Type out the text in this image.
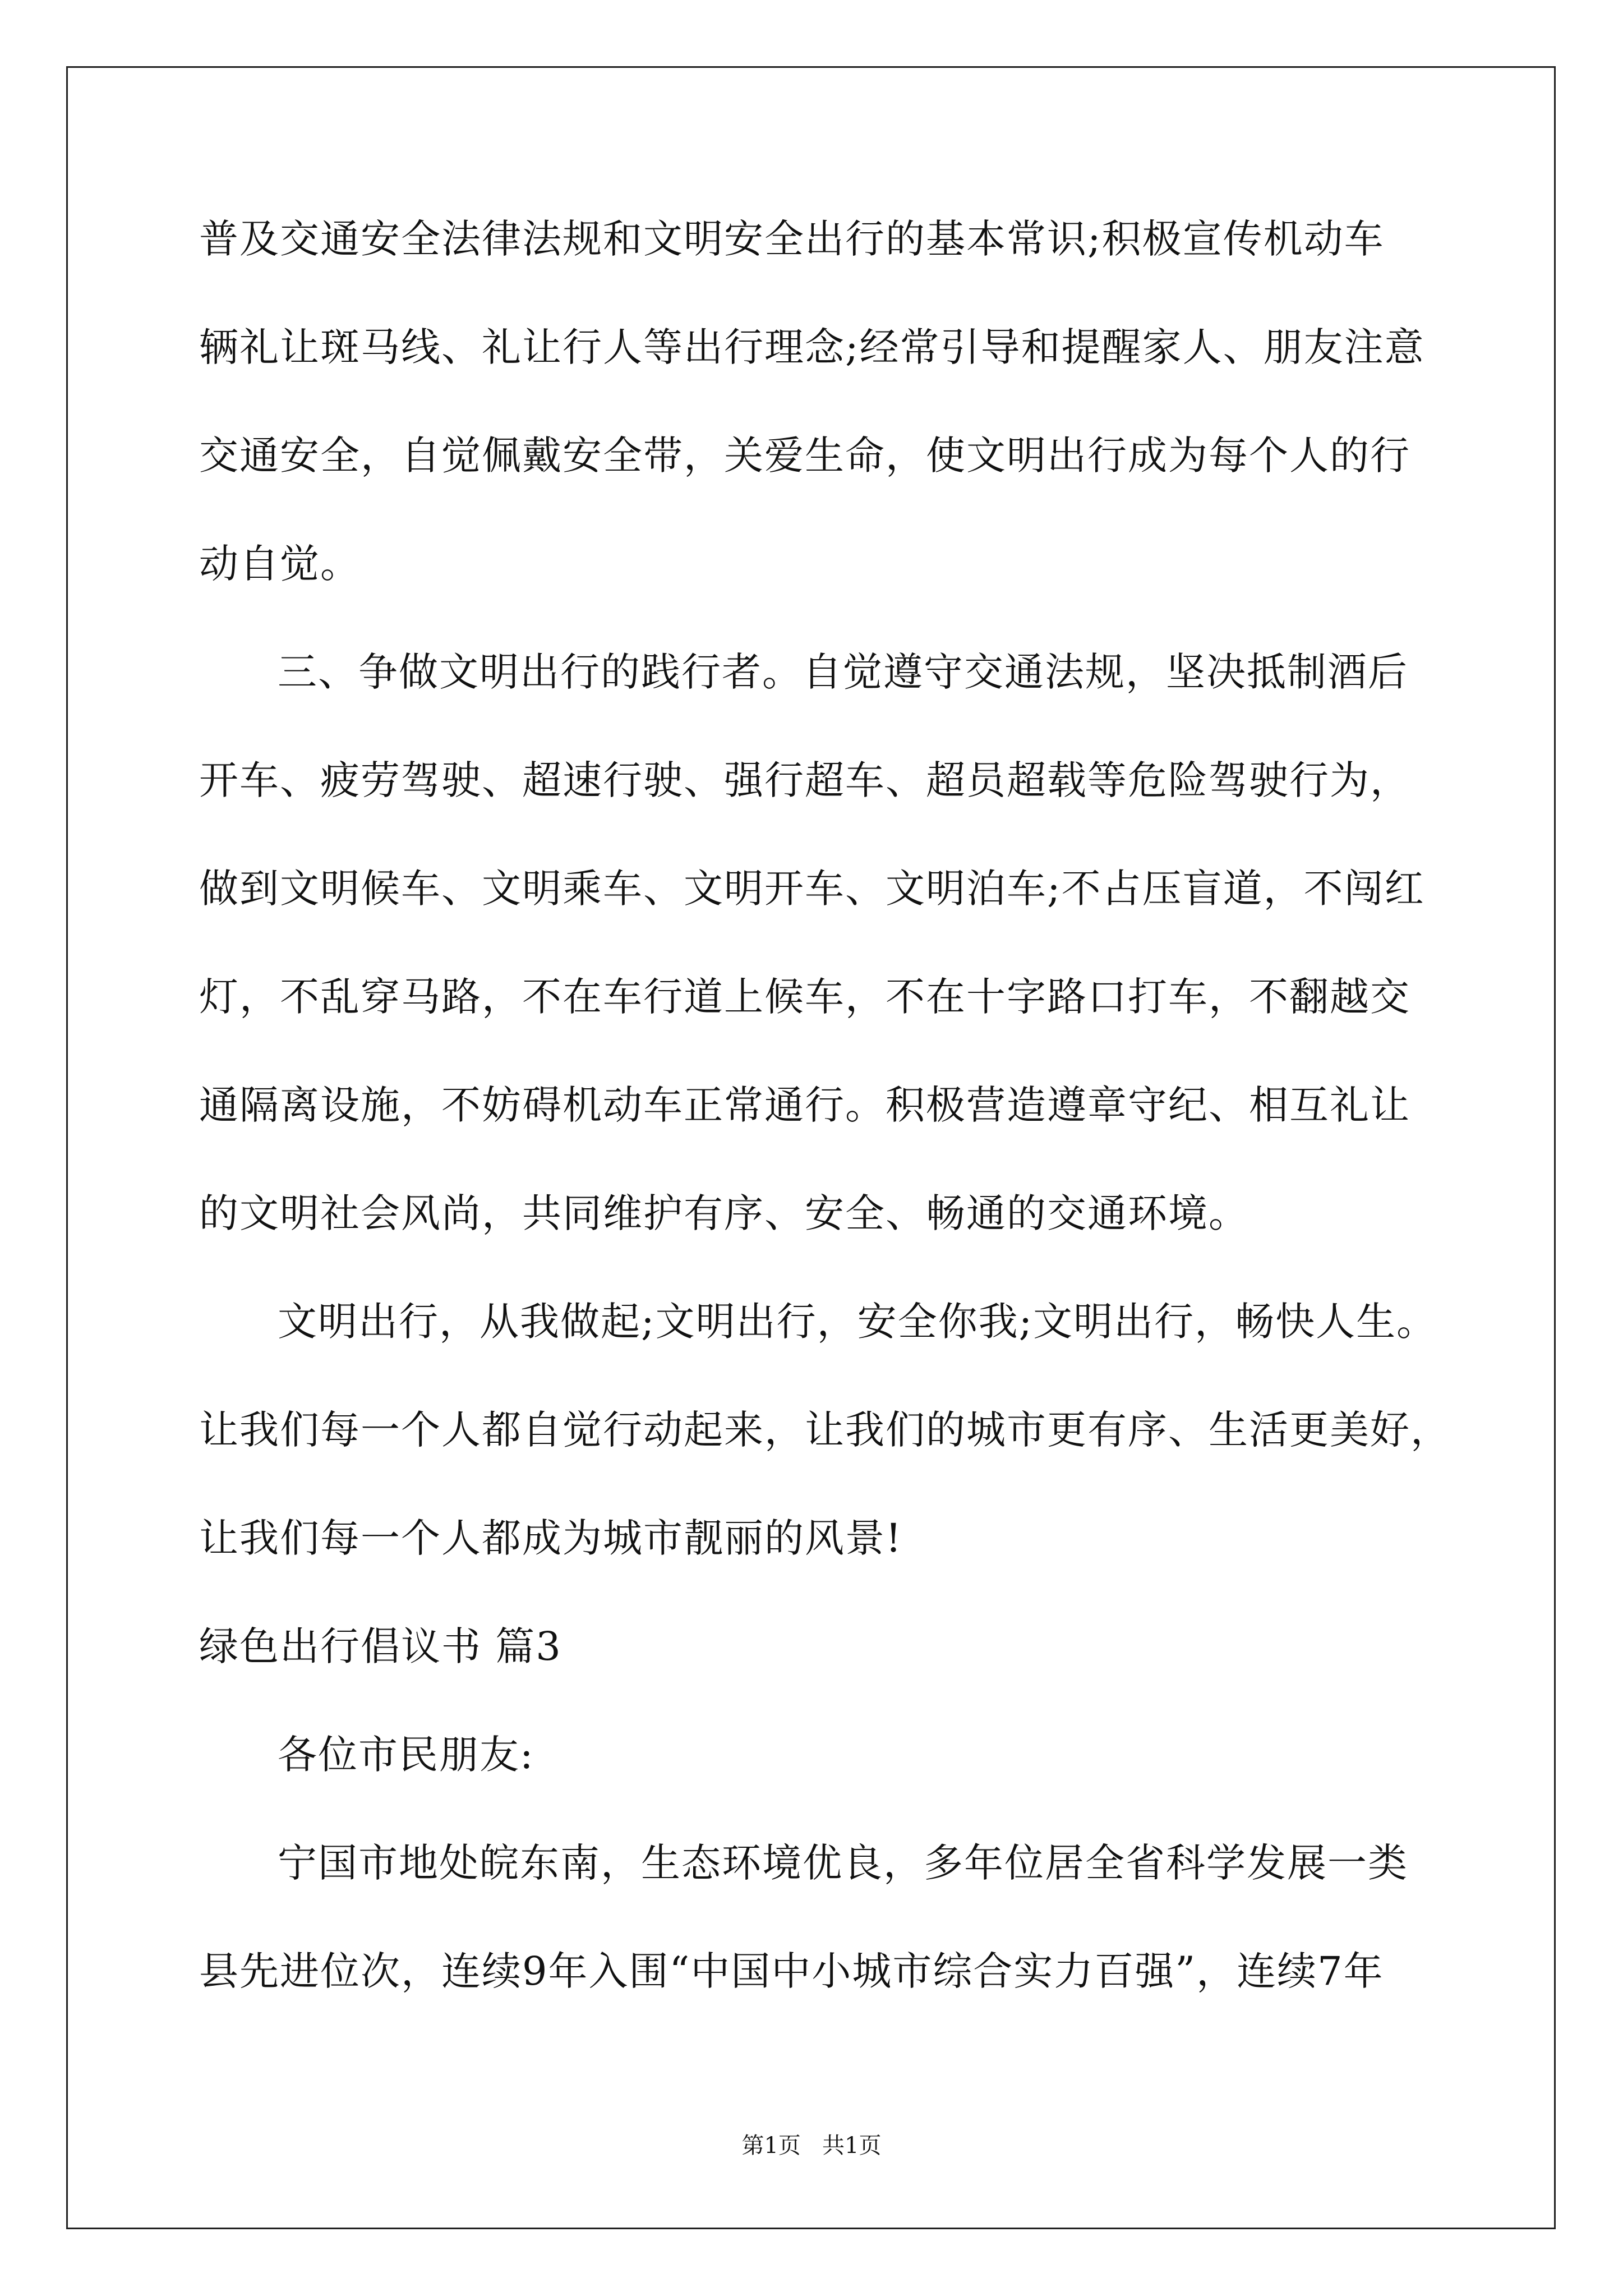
普及交通安全法律法规和文明安全出行的基本常识;积极宣传机动车
辆礼让斑马线、礼让行人等出行理念;经常引导和提醒家人、朋友注意
交通安全，自觉佩戴安全带，关爱生命，使文明出行成为每个人的行
动自觉。
三、争做文明出行的践行者。自觉遵守交通法规，坚决抵制酒后
开车、疲劳驾驶、超速行驶、强行超车、超员超载等危险驾驶行为，
做到文明候车、文明乘车、文明开车、文明泊车;不占压盲道，不闯红
灯，不乱穿马路，不在车行道上候车，不在十字路口打车，不翻越交
通隔离设施，不妨碍机动车正常通行。积极营造遵章守纪、相互礼让
的文明社会风尚，共同维护有序、安全、畅通的交通环境。
文明出行，从我做起;文明出行，安全你我;文明出行，畅快人生。
让我们每一个人都自觉行动起来，让我们的城市更有序、生活更美好，
让我们每一个人都成为城市靓丽的风景!
绿色出行倡议书 篇3
各位市民朋友:
宁国市地处皖东南，生态环境优良，多年位居全省科学发展一类
县先进位次，连续9年入围“中国中小城市综合实力百强”，连续7年
第1页   共1页
